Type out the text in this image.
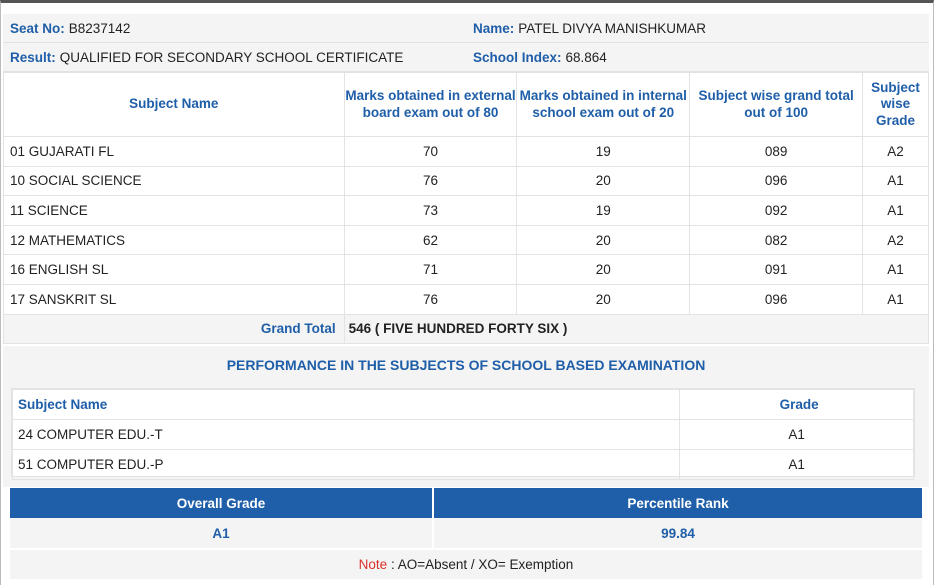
Seat No: B8237142	Name: PATEL DIVYA MANISHKUMAR
Result: QUALIFIED FOR SECONDARY SCHOOL CERTIFICATE	School Index: 68.864
Subject Name	Marks obtained in external board exam out of 80	Marks obtained in internal school exam out of 20	Subject wise grand total out of 100	Subject wise Grade
01 GUJARATI FL	70	19	089	A2
10 SOCIAL SCIENCE	76	20	096	A1
11 SCIENCE	73	19	092	A1
12 MATHEMATICS	62	20	082	A2
16 ENGLISH SL	71	20	091	A1
17 SANSKRIT SL	76	20	096	A1
Grand Total	546 ( FIVE HUNDRED FORTY SIX )			
PERFORMANCE IN THE SUBJECTS OF SCHOOL BASED EXAMINATION
Subject Name	Grade
24 COMPUTER EDU.-T	A1
51 COMPUTER EDU.-P	A1
Overall Grade	Percentile Rank
A1	99.84
Note : AO=Absent / XO= Exemption
